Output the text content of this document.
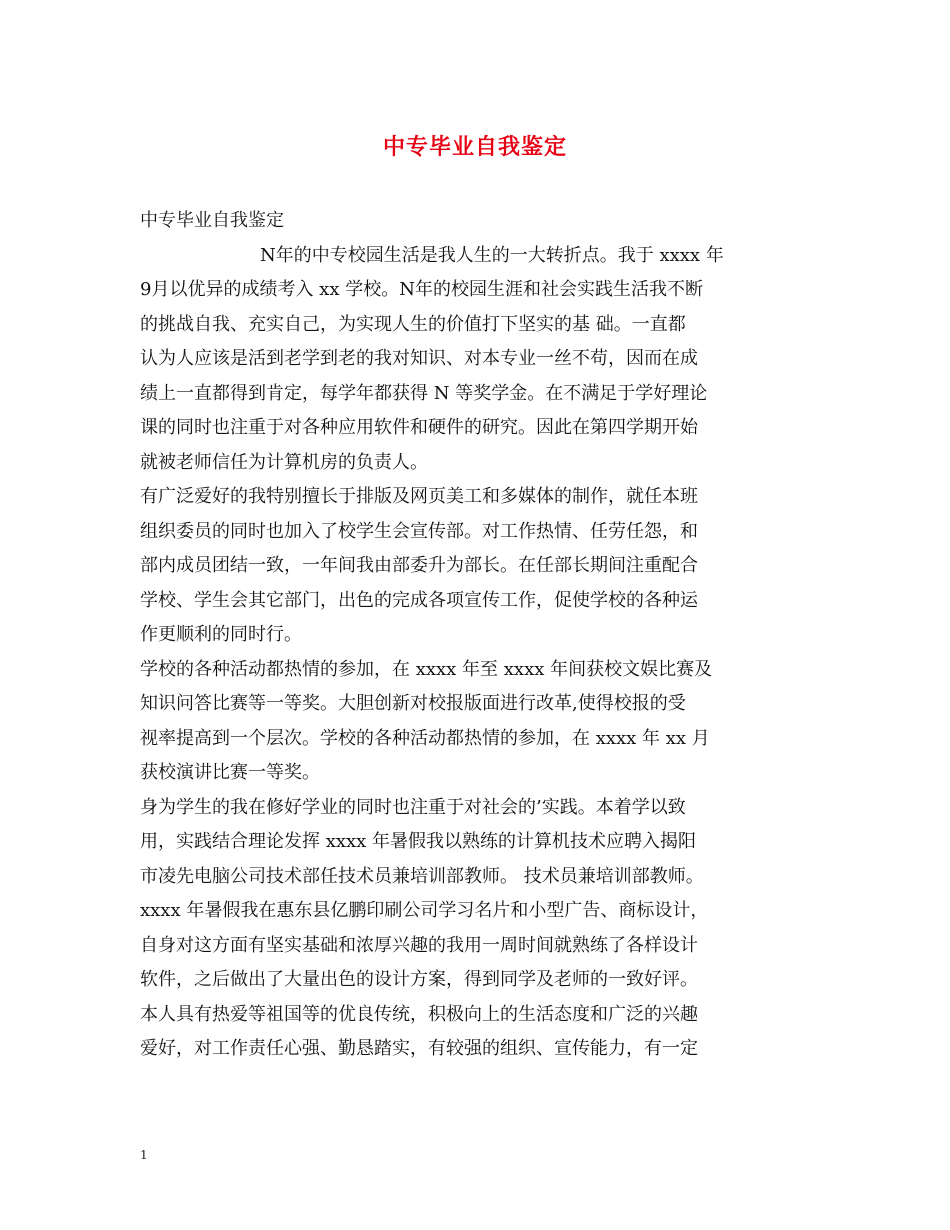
中专毕业自我鉴定
中专毕业自我鉴定
N年的中专校园生活是我人生的一大转折点。我于 xxxx 年
9月以优异的成绩考入 xx 学校。N年的校园生涯和社会实践生活我不断
的挑战自我、充实自己，为实现人生的价值打下坚实的基 础。一直都
认为人应该是活到老学到老的我对知识、对本专业一丝不苟，因而在成
绩上一直都得到肯定，每学年都获得 N 等奖学金。在不满足于学好理论
课的同时也注重于对各种应用软件和硬件的研究。因此在第四学期开始
就被老师信任为计算机房的负责人。
有广泛爱好的我特别擅长于排版及网页美工和多媒体的制作，就任本班
组织委员的同时也加入了校学生会宣传部。对工作热情、任劳任怨，和
部内成员团结一致，一年间我由部委升为部长。在任部长期间注重配合
学校、学生会其它部门，出色的完成各项宣传工作，促使学校的各种运
作更顺利的同时行。
学校的各种活动都热情的参加，在 xxxx 年至 xxxx 年间获校文娱比赛及
知识问答比赛等一等奖。大胆创新对校报版面进行改革,使得校报的受
视率提高到一个层次。学校的各种活动都热情的参加，在 xxxx 年 xx 月
获校演讲比赛一等奖。
身为学生的我在修好学业的同时也注重于对社会的’实践。本着学以致
用，实践结合理论发挥 xxxx 年暑假我以熟练的计算机技术应聘入揭阳
市凌先电脑公司技术部任技术员兼培训部教师。 技术员兼培训部教师。
xxxx 年暑假我在惠东县亿鹏印刷公司学习名片和小型广告、商标设计，
自身对这方面有坚实基础和浓厚兴趣的我用一周时间就熟练了各样设计
软件，之后做出了大量出色的设计方案，得到同学及老师的一致好评。
本人具有热爱等祖国等的优良传统，积极向上的生活态度和广泛的兴趣
爱好，对工作责任心强、勤恳踏实，有较强的组织、宣传能力，有一定
1
